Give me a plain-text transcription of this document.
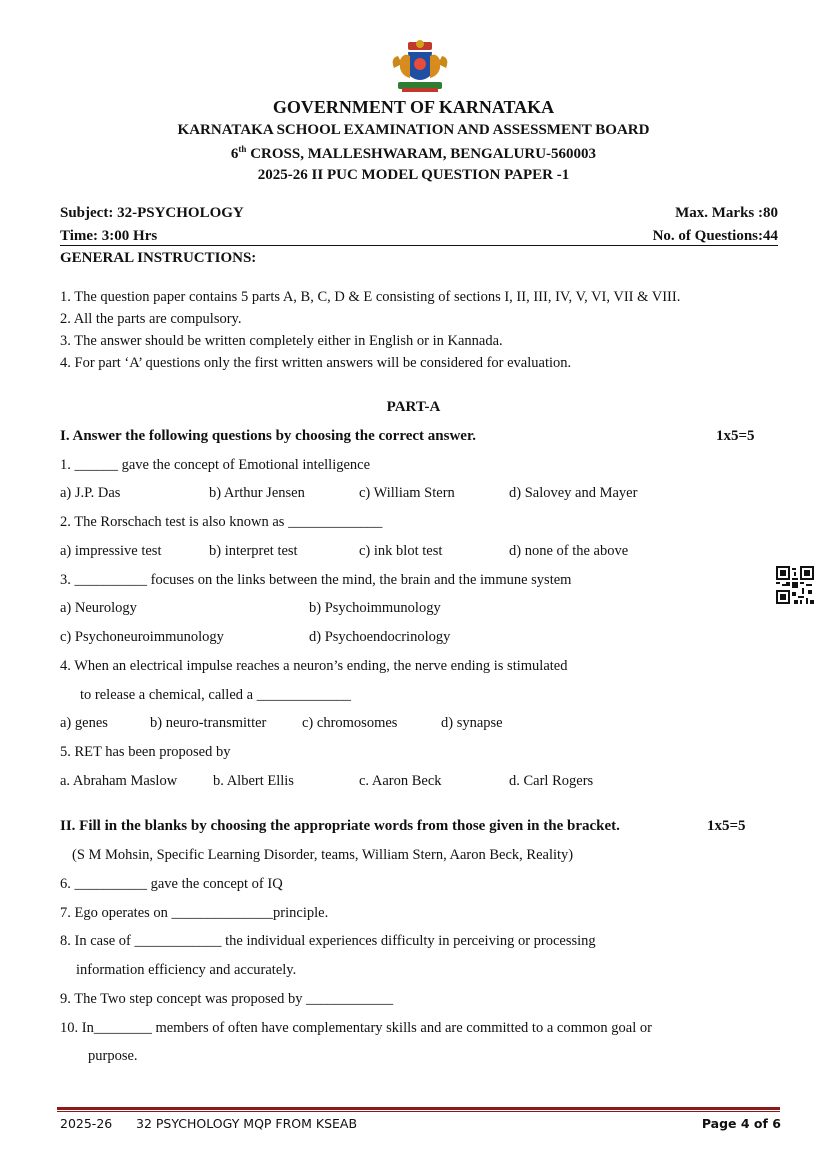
GOVERNMENT OF KARNATAKA
KARNATAKA SCHOOL EXAMINATION AND ASSESSMENT BOARD
6th CROSS, MALLESHWARAM, BENGALURU-560003
2025-26 II PUC MODEL QUESTION PAPER -1
Subject: 32-PSYCHOLOGY	Max. Marks :80
Time: 3:00 Hrs	No. of Questions:44
GENERAL INSTRUCTIONS:
1. The question paper contains 5 parts A, B, C, D & E consisting of sections I, II, III, IV, V, VI, VII & VIII.
2. All the parts are compulsory.
3. The answer should be written completely either in English or in Kannada.
4. For part ‘A’ questions only the first written answers will be considered for evaluation.
PART-A
I. Answer the following questions by choosing the correct answer.	1x5=5
1. ______ gave the concept of Emotional intelligence
a) J.P. Das	b) Arthur Jensen	c) William Stern	d) Salovey and Mayer
2. The Rorschach test is also known as _____________
a) impressive test	b) interpret test	c) ink blot test	d) none of the above
3. __________ focuses on the links between the mind, the brain and the immune system
a) Neurology	b) Psychoimmunology
c) Psychoneuroimmunology	d) Psychoendocrinology
4. When an electrical impulse reaches a neuron’s ending, the nerve ending is stimulated
to release a chemical, called a _____________
a) genes	b) neuro-transmitter c) chromosomes	d) synapse
5. RET has been proposed by
a. Abraham Maslow b. Albert Ellis	c. Aaron Beck	d. Carl Rogers
II. Fill in the blanks by choosing the appropriate words from those given in the bracket.	1x5=5
(S M Mohsin, Specific Learning Disorder, teams, William Stern, Aaron Beck, Reality)
6. __________ gave the concept of IQ
7. Ego operates on ______________principle.
8. In case of ____________ the individual experiences difficulty in perceiving or processing
information efficiency and accurately.
9. The Two step concept was proposed by ____________
10. In________ members of often have complementary skills and are committed to a common goal or
purpose.
2025-26 32 PSYCHOLOGY MQP FROM KSEAB	Page 4 of 6
